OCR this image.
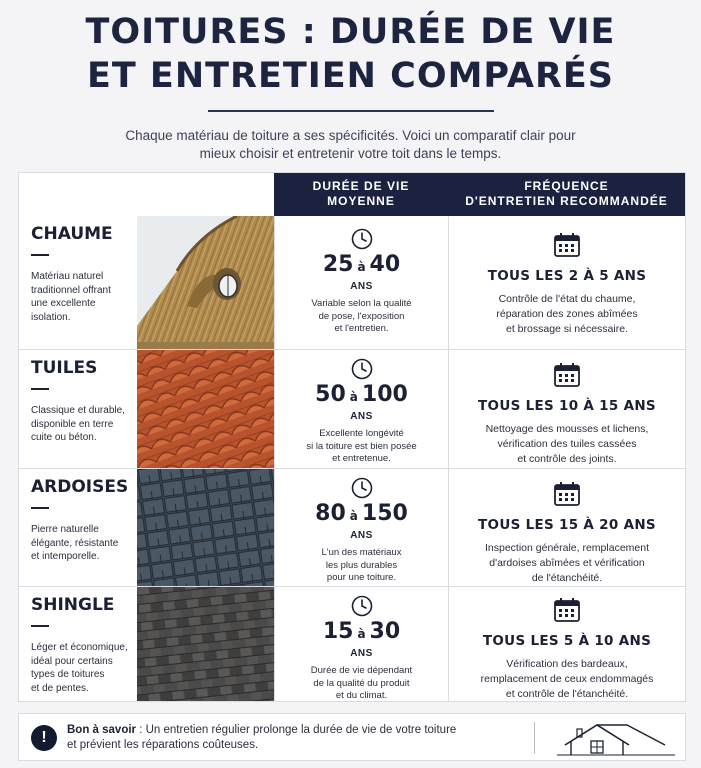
TOITURES : DURÉE DE VIE
ET ENTRETIEN COMPARÉS
Chaque matériau de toiture a ses spécificités. Voici un comparatif clair pour
mieux choisir et entretenir votre toit dans le temps.
DURÉE DE VIE
MOYENNE
FRÉQUENCE
D'ENTRETIEN RECOMMANDÉE
CHAUME
Matériau naturel
traditionnel offrant
une excellente
isolation.
25 à 40
ANS
Variable selon la qualité
de pose, l'exposition
et l'entretien.
TOUS LES 2 À 5 ANS
Contrôle de l'état du chaume,
réparation des zones abîmées
et brossage si nécessaire.
TUILES
Classique et durable,
disponible en terre
cuite ou béton.
50 à 100
ANS
Excellente longévité
si la toiture est bien posée
et entretenue.
TOUS LES 10 À 15 ANS
Nettoyage des mousses et lichens,
vérification des tuiles cassées
et contrôle des joints.
ARDOISES
Pierre naturelle
élégante, résistante
et intemporelle.
80 à 150
ANS
L'un des matériaux
les plus durables
pour une toiture.
TOUS LES 15 À 20 ANS
Inspection générale, remplacement
d'ardoises abîmées et vérification
de l'étanchéité.
SHINGLE
Léger et économique,
idéal pour certains
types de toitures
et de pentes.
15 à 30
ANS
Durée de vie dépendant
de la qualité du produit
et du climat.
TOUS LES 5 À 10 ANS
Vérification des bardeaux,
remplacement de ceux endommagés
et contrôle de l'étanchéité.
!	Bon à savoir : Un entretien régulier prolonge la durée de vie de votre toiture
et prévient les réparations coûteuses.
